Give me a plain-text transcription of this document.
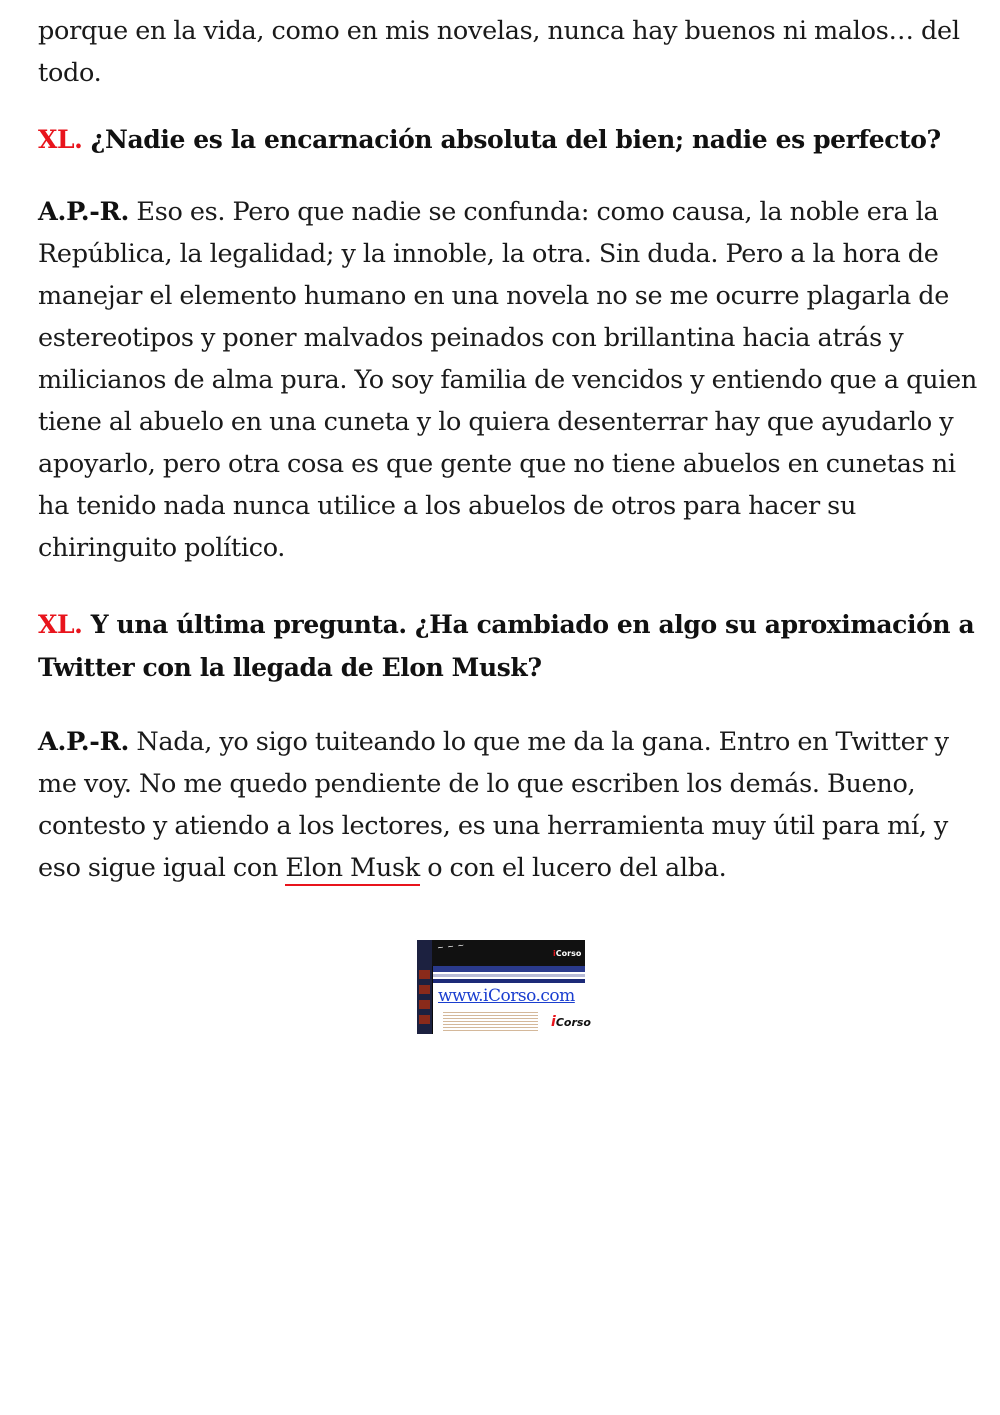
porque en la vida, como en mis novelas, nunca hay buenos ni malos… del todo.

XL. ¿Nadie es la encarnación absoluta del bien; nadie es perfecto?

A.P.-R. Eso es. Pero que nadie se confunda: como causa, la noble era la República, la legalidad; y la innoble, la otra. Sin duda. Pero a la hora de manejar el elemento humano en una novela no se me ocurre plagarla de estereotipos y poner malvados peinados con brillantina hacia atrás y milicianos de alma pura. Yo soy familia de vencidos y entiendo que a quien tiene al abuelo en una cuneta y lo quiera desenterrar hay que ayudarlo y apoyarlo, pero otra cosa es que gente que no tiene abuelos en cunetas ni ha tenido nada nunca utilice a los abuelos de otros para hacer su chiringuito político.

XL. Y una última pregunta. ¿Ha cambiado en algo su aproximación a Twitter con la llegada de Elon Musk?

A.P.-R. Nada, yo sigo tuiteando lo que me da la gana. Entro en Twitter y me voy. No me quedo pendiente de lo que escriben los demás. Bueno, contesto y atiendo a los lectores, es una herramienta muy útil para mí, y eso sigue igual con Elon Musk o con el lucero del alba.

~ ~ ~
iCorso
www.iCorso.com
iCorso
